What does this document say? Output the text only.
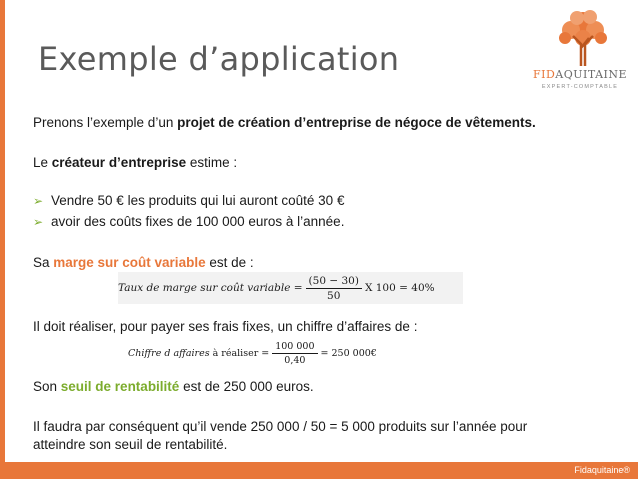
Exemple d’application	FIDAQUITAINE
EXPERT-COMPTABLE
Prenons l’exemple d’un projet de création d’entreprise de négoce de vêtements.
Le créateur d’entreprise estime :
➢ Vendre 50 € les produits qui lui auront coûté 30 €
➢ avoir des coûts fixes de 100 000 euros à l’année.
Sa marge sur coût variable est de :
Il doit réaliser, pour payer ses frais fixes, un chiffre d’affaires de :
Son seuil de rentabilité est de 250 000 euros.
Il faudra par conséquent qu’il vende 250 000 / 50 = 5 000 produits sur l’année pour
atteindre son seuil de rentabilité.
Taux de marge sur coût variable = $\frac{(50 - 30)}{50}$ X 100 = 40%
Chiffre d affaires
à réaliser = $\frac{100 000}{0,40} = 250$ 000€
Fidaquitaine®
